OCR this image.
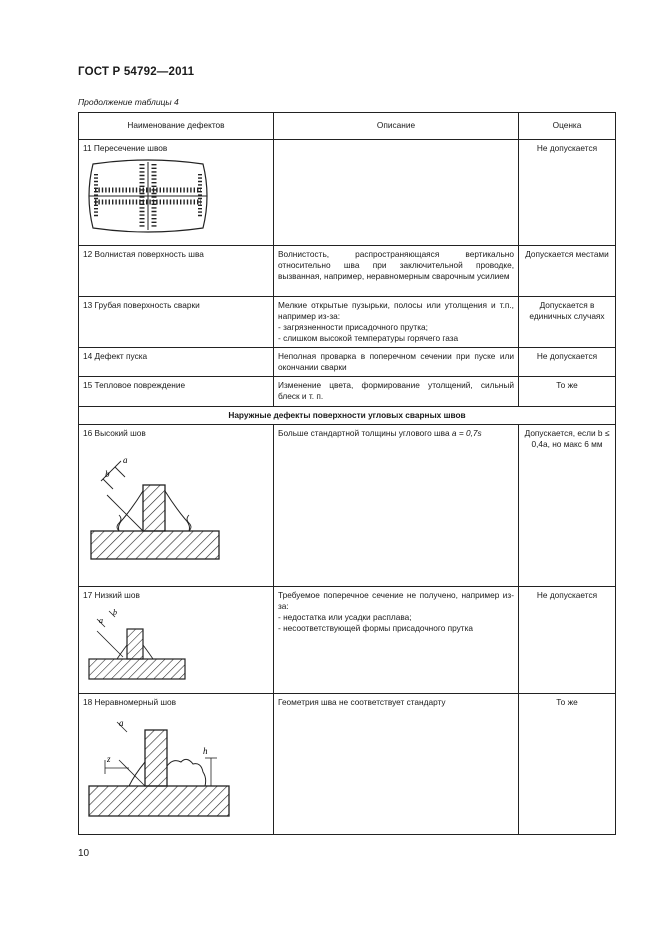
ГОСТ Р 54792—2011
Продолжение таблицы 4
Наименование дефектов	Описание	Оценка

11 Пересечение швов		Не допускается
12 Волнистая поверхность шва	Волнистость, распространяющаяся вертикально относительно шва при заключительной проводке, вызванная, например, неравномерным сварочным усилием	Допускается местами
13 Грубая поверхность сварки	Мелкие открытые пузырьки, полосы или утолщения и т.п., например из-за:
- загрязненности присадочного прутка;
- слишком высокой температуры горячего газа	Допускается в единичных случаях
14 Дефект пуска	Неполная проварка в поперечном сечении при пуске или окончании сварки	Не допускается
15 Тепловое повреждение	Изменение цвета, формирование утолщений, сильный блеск и т. п.	То же
Наружные дефекты поверхности угловых сварных швов		

16 Высокий шов
b
a	Больше стандартной толщины углового шва а = 0,7s	Допускается, если b ≤ 0,4а, но макс 6 мм

17 Низкий шов
a
b	Требуемое поперечное сечение не получено, например из-за:
- недостатка или усадки расплава;
- несоответствующей формы присадочного прутка	Не допускается

18 Неравномерный шов
a
z
h	Геометрия шва не соответствует стандарту	То же
10
